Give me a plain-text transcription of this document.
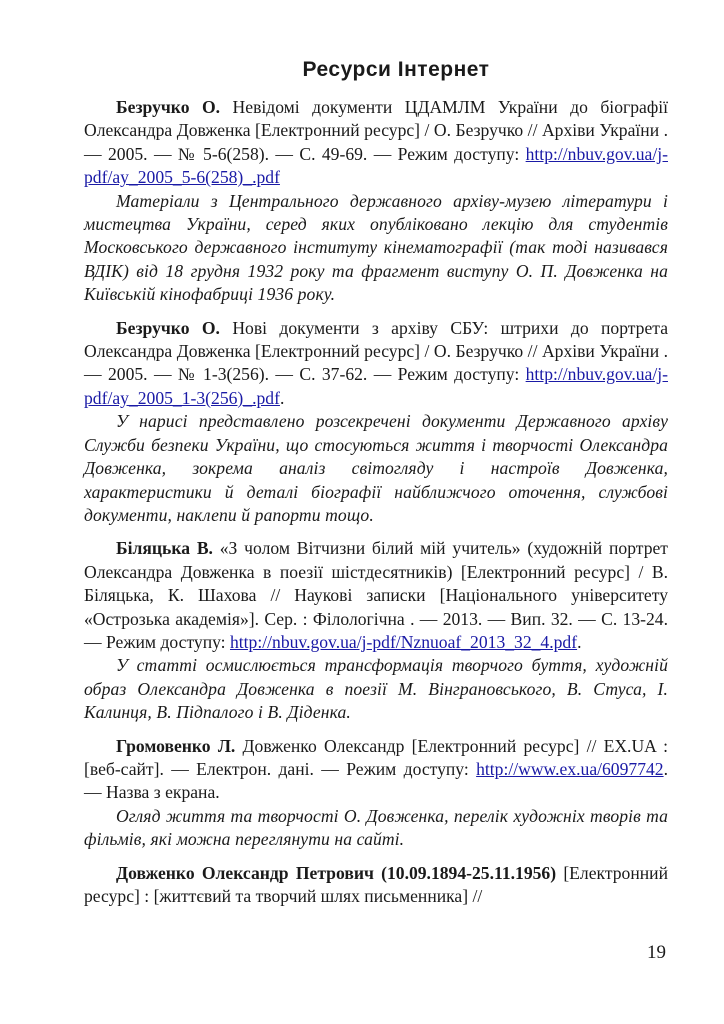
Ресурси Інтернет

Безручко О. Невідомі документи ЦДАМЛМ України до біографії Олександра Довженка [Електронний ресурс] / О. Безручко // Архіви України . — 2005. — № 5-6(258). — С. 49-69. — Режим доступу: http://nbuv.gov.ua/j-pdf/ay_2005_5-6(258)_.pdf

Матеріали з Центрального державного архіву-музею літератури і мистецтва України, серед яких опубліковано лекцію для студентів Московського державного інституту кінематографії (так тоді називався ВДІК) від 18 грудня 1932 року та фрагмент виступу О. П. Довженка на Київській кінофабриці 1936 року.

Безручко О. Нові документи з архіву СБУ: штрихи до портрета Олександра Довженка [Електронний ресурс] / О. Безручко // Архіви України . — 2005. — № 1-3(256). — С. 37-62. — Режим доступу: http://nbuv.gov.ua/j-pdf/ay_2005_1-3(256)_.pdf.

У нарисі представлено розсекречені документи Державного архіву Служби безпеки України, що стосуються життя і творчості Олександра Довженка, зокрема аналіз світогляду і настроїв Довженка, характеристики й деталі біографії найближчого оточення, службові документи, наклепи й рапорти тощо.

Біляцька В. «З чолом Вітчизни білий мій учитель» (художній портрет Олександра Довженка в поезії шістдесятників) [Електронний ресурс] / В. Біляцька, К. Шахова // Наукові записки [Національного університету «Острозька академія»]. Сер. : Філологічна . — 2013. — Вип. 32. — С. 13-24. — Режим доступу: http://nbuv.gov.ua/j-pdf/Nznuoaf_2013_32_4.pdf.

У статті осмислюється трансформація творчого буття, художній образ Олександра Довженка в поезії М. Вінграновського, В. Стуса, І. Калинця, В. Підпалого і В. Діденка.

Громовенко Л. Довженко Олександр [Електронний ресурс] // EX.UA : [веб-сайт]. — Електрон. дані. — Режим доступу: http://www.ex.ua/6097742. — Назва з екрана.

Огляд життя та творчості О. Довженка, перелік художніх творів та фільмів, які можна переглянути на сайті.

Довженко Олександр Петрович (10.09.1894-25.11.1956) [Електронний ресурс] : [життєвий та творчий шлях письменника] //

19
